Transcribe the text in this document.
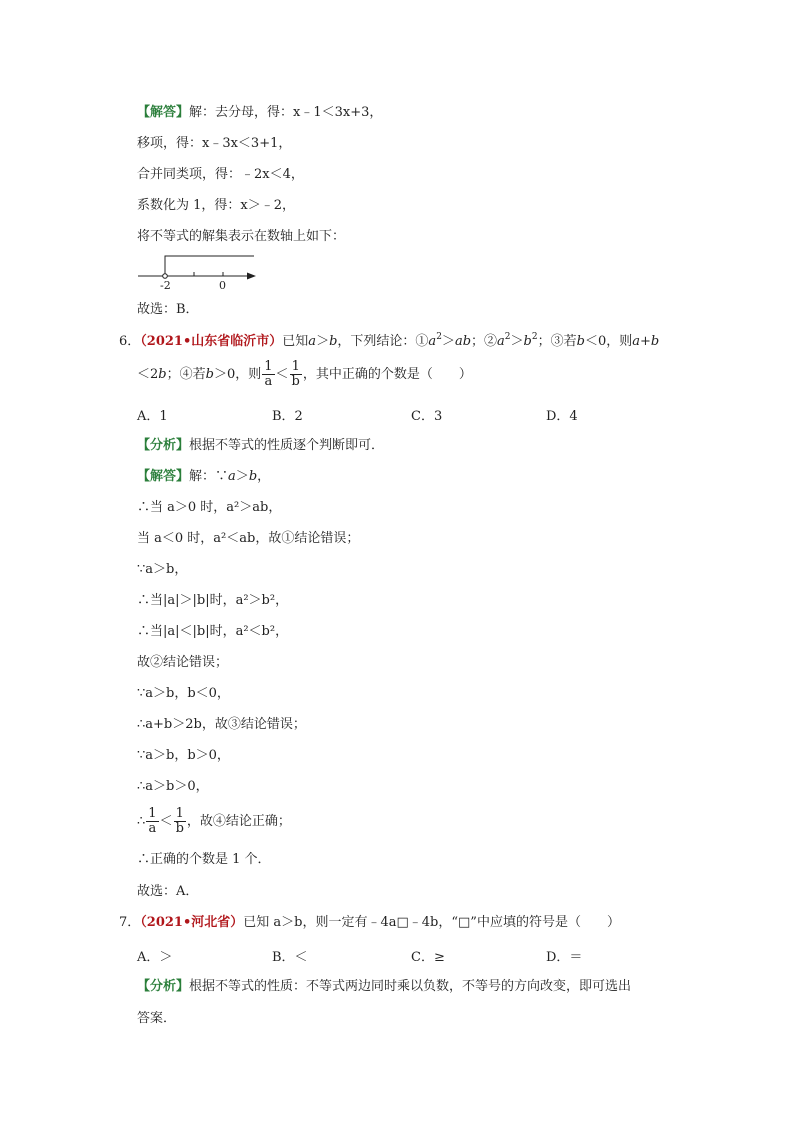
【解答】解：去分母，得：x﹣1＜3x+3，
移项，得：x﹣3x＜3+1，
合并同类项，得：﹣2x＜4，
系数化为 1，得：x＞﹣2，
将不等式的解集表示在数轴上如下：
-2	0
故选：B．
6．（2021•山东省临沂市）已知a＞b，下列结论：$①a^2>ab$；$②a^2>b^2$；③若b＜0，则a+b
＜2b；④若b＞0，则 $\frac{1}{a} < \frac{1}{b}$ ，其中正确的个数是（　　）
A．1	B．2	C．3	D．4
【分析】根据不等式的性质逐个判断即可．
【解答】解：∵a＞b，
∴当 a＞0 时，a²＞ab，
当 a＜0 时，a²＜ab，故①结论错误；
∵a＞b，
∴当|a|＞|b|时，a²＞b²，
∴当|a|＜|b|时，a²＜b²，
故②结论错误；
∵a＞b，b＜0，
∴a+b＞2b，故③结论错误；
∵a＞b，b＞0，
∴a＞b＞0，
∴ $\frac{1}{a} < \frac{1}{b}$ ，故④结论正确；
∴正确的个数是 1 个．
故选：A．
7．（2021•河北省）已知 a＞b，则一定有﹣4a□﹣4b，“□”中应填的符号是（　　）
A．＞	B．＜	C．≥	D．＝
【分析】根据不等式的性质：不等式两边同时乘以负数，不等号的方向改变，即可选出
答案．
